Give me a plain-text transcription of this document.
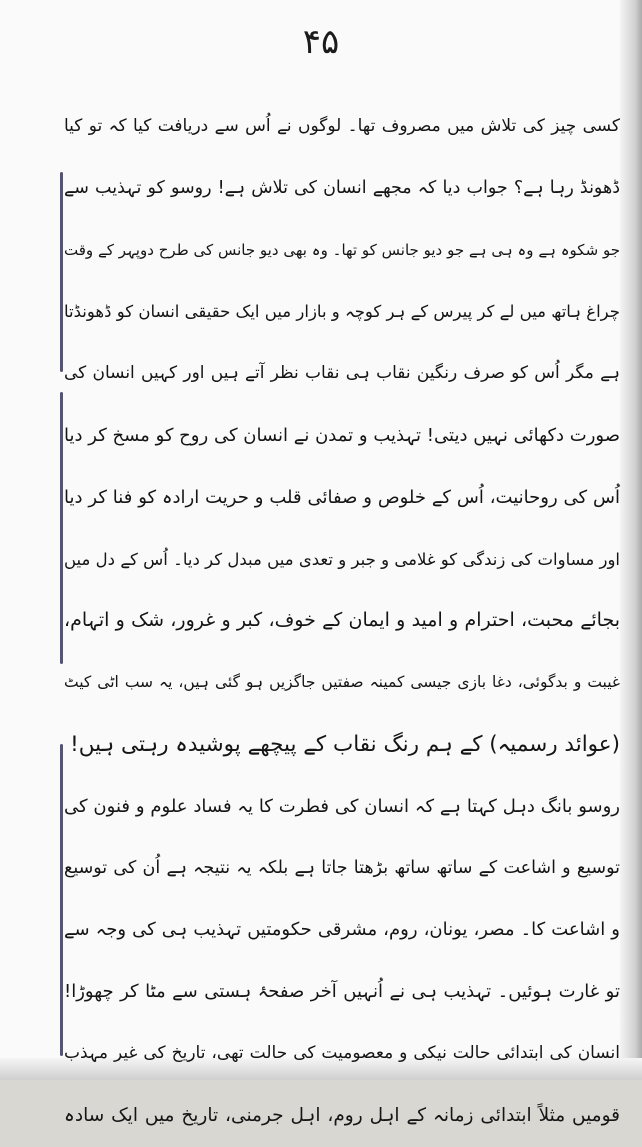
۴۵
کسی چیز کی تلاش میں مصروف تھا۔ لوگوں نے اُس سے دریافت کیا کہ تو کیا
ڈھونڈ رہا ہے؟ جواب دیا کہ مجھے انسان کی تلاش ہے! روسو کو تہذیب سے
جو شکوہ ہے وہ ہی ہے جو دیو جانس کو تھا۔ وہ بھی دیو جانس کی طرح دوپہر کے وقت
چراغ ہاتھ میں لے کر پیرس کے ہر کوچہ و بازار میں ایک حقیقی انسان کو ڈھونڈتا
ہے مگر اُس کو صرف رنگین نقاب ہی نقاب نظر آتے ہیں اور کہیں انسان کی
صورت دکھائی نہیں دیتی! تہذیب و تمدن نے انسان کی روح کو مسخ کر دیا
اُس کی روحانیت، اُس کے خلوص و صفائی قلب و حریت ارادہ کو فنا کر دیا
اور مساوات کی زندگی کو غلامی و جبر و تعدی میں مبدل کر دیا۔ اُس کے دل میں
بجائے محبت، احترام و امید و ایمان کے خوف، کبر و غرور، شک و اتہام،
غیبت و بدگوئی، دغا بازی جیسی کمینہ صفتیں جاگزیں ہو گئی ہیں، یہ سب اٹی کیٹ
(عوائد رسمیہ) کے ہم رنگ نقاب کے پیچھے پوشیدہ رہتی ہیں!
روسو بانگ دہل کہتا ہے کہ انسان کی فطرت کا یہ فساد علوم و فنون کی
توسیع و اشاعت کے ساتھ ساتھ بڑھتا جاتا ہے بلکہ یہ نتیجہ ہے اُن کی توسیع
و اشاعت کا۔ مصر، یونان، روم، مشرقی حکومتیں تہذیب ہی کی وجہ سے
تو غارت ہوئیں۔ تہذیب ہی نے اُنہیں آخر صفحۂ ہستی سے مٹا کر چھوڑا!
انسان کی ابتدائی حالت نیکی و معصومیت کی حالت تھی، تاریخ کی غیر مہذب
قومیں مثلاً ابتدائی زمانہ کے اہل روم، اہل جرمنی، تاریخ میں ایک سادہ
